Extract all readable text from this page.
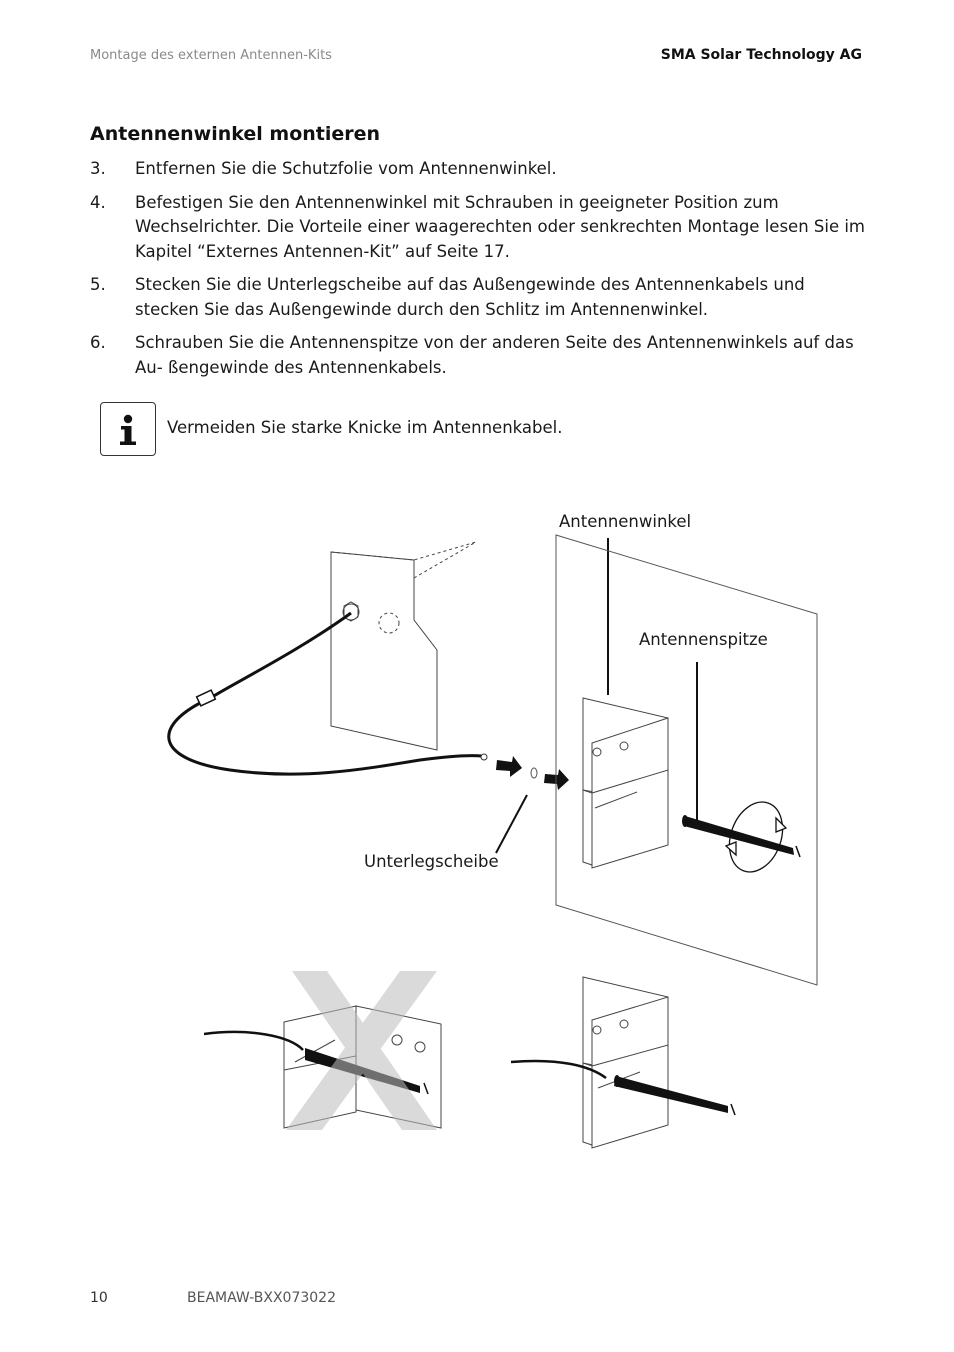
Montage des externen Antennen-Kits	SMA Solar Technology AG
Antennenwinkel montieren
3.	Entfernen Sie die Schutzfolie vom Antennenwinkel.
4.	Befestigen Sie den Antennenwinkel mit Schrauben in geeigneter Position zum Wechselrichter. Die Vorteile einer waagerechten oder senkrechten Montage lesen Sie im Kapitel “Externes Antennen-Kit” auf Seite 17.
5.	Stecken Sie die Unterlegscheibe auf das Außengewinde des Antennenkabels und stecken Sie das Außengewinde durch den Schlitz im Antennenwinkel.
6.	Schrauben Sie die Antennenspitze von der anderen Seite des Antennenwinkels auf das Au- ßengewinde des Antennenkabels.
Vermeiden Sie starke Knicke im Antennenkabel.
Antennenwinkel
Antennenspitze
Unterlegscheibe
10	BEAMAW-BXX073022
